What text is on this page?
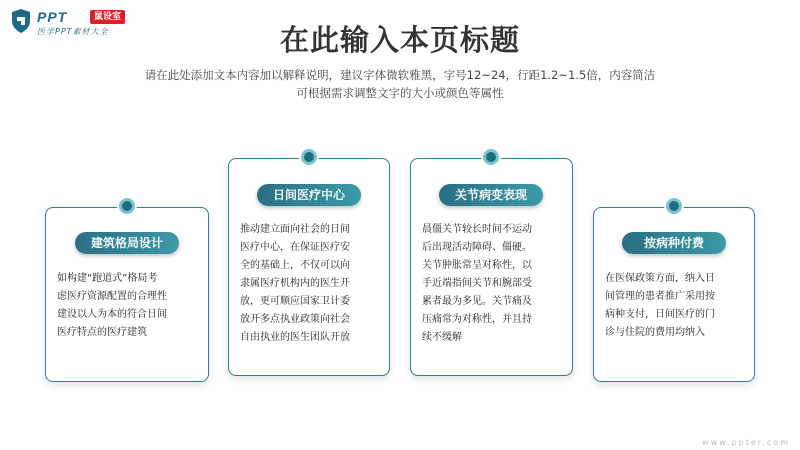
PPT	鼠设室
医学PPT素材大全	在此输入本页标题
请在此处添加文本内容加以解释说明，建议字体微软雅黑，字号12~24，行距1.2~1.5倍，内容简洁
可根据需求调整文字的大小或颜色等属性
建筑格局设计
如构建“跑道式”格局考
虑医疗资源配置的合理性
建设以人为本的符合日间
医疗特点的医疗建筑
日间医疗中心
推动建立面向社会的日间
医疗中心，在保证医疗安
全的基础上，不仅可以向
隶属医疗机构内的医生开
放，更可顺应国家卫计委
放开多点执业政策向社会
自由执业的医生团队开放
关节病变表现
晨僵关节较长时间不运动
后出现活动障碍、僵硬。
关节肿胀常呈对称性，以
手近端指间关节和腕部受
累者最为多见。关节痛及
压痛常为对称性，并且持
续不缓解
按病种付费
在医保政策方面，纳入日
间管理的患者推广采用按
病种支付，日间医疗的门
诊与住院的费用均纳入
www.ppter.com
